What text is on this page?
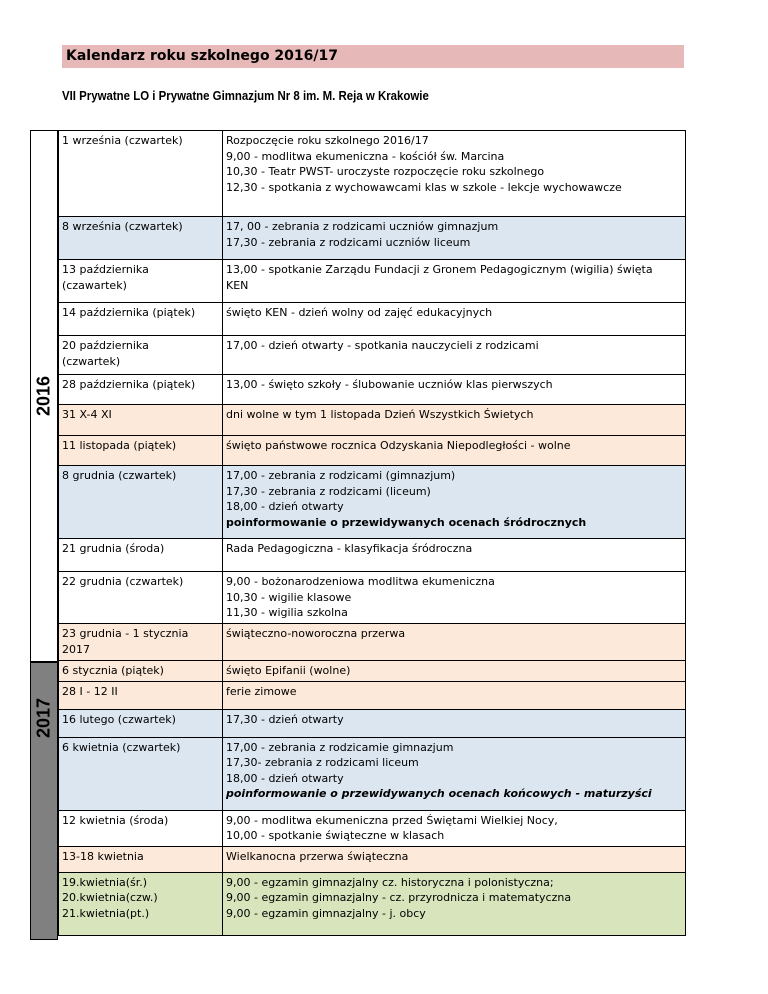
Kalendarz roku szkolnego 2016/17
VII Prywatne LO i Prywatne Gimnazjum Nr 8 im. M. Reja w Krakowie
2016
2017
1 września (czwartek)	Rozpoczęcie roku szkolnego 2016/17
9,00 - modlitwa ekumeniczna - kościół św. Marcina
10,30 - Teatr PWST- uroczyste rozpoczęcie roku szkolnego
12,30 - spotkania z wychowawcami klas w szkole - lekcje wychowawcze

8 września (czwartek)	17, 00 - zebrania z rodzicami uczniów gimnazjum
17,30 - zebrania z rodzicami uczniów liceum

13 października
(czawartek)	13,00 - spotkanie Zarządu Fundacji z Gronem Pedagogicznym (wigilia) święta
KEN

14 października (piątek)	święto KEN - dzień wolny od zajęć edukacyjnych

20 października
(czwartek)	17,00 - dzień otwarty - spotkania nauczycieli z rodzicami

28 października (piątek)	13,00 - święto szkoły - ślubowanie uczniów klas pierwszych

31 X-4 XI	dni wolne w tym 1 listopada Dzień Wszystkich Świetych

11 listopada (piątek)	święto państwowe rocznica Odzyskania Niepodległości - wolne

8 grudnia (czwartek)	17,00 - zebrania z rodzicami (gimnazjum)
17,30 - zebrania z rodzicami (liceum)
18,00 - dzień otwarty
poinformowanie o przewidywanych ocenach śródrocznych

21 grudnia (środa)	Rada Pedagogiczna - klasyfikacja śródroczna

22 grudnia (czwartek)	9,00 - bożonarodzeniowa modlitwa ekumeniczna
10,30 - wigilie klasowe
11,30 - wigilia szkolna

23 grudnia - 1 stycznia
2017	świąteczno-noworoczna przerwa

6 stycznia (piątek)	święto Epifanii (wolne)

28 I - 12 II	ferie zimowe

16 lutego (czwartek)	17,30 - dzień otwarty

6 kwietnia (czwartek)	17,00 - zebrania z rodzicamie gimnazjum
17,30- zebrania z rodzicami liceum
18,00 - dzień otwarty
poinformowanie o przewidywanych ocenach końcowych - maturzyści

12 kwietnia (środa)	9,00 - modlitwa ekumeniczna przed Świętami Wielkiej Nocy,
10,00 - spotkanie świąteczne w klasach

13-18 kwietnia	Wielkanocna przerwa świąteczna

19.kwietnia(śr.)
20.kwietnia(czw.)
21.kwietnia(pt.)	9,00 - egzamin gimnazjalny cz. historyczna i polonistyczna;
9,00 - egzamin gimnazjalny - cz. przyrodnicza i matematyczna
9,00 - egzamin gimnazjalny - j. obcy
